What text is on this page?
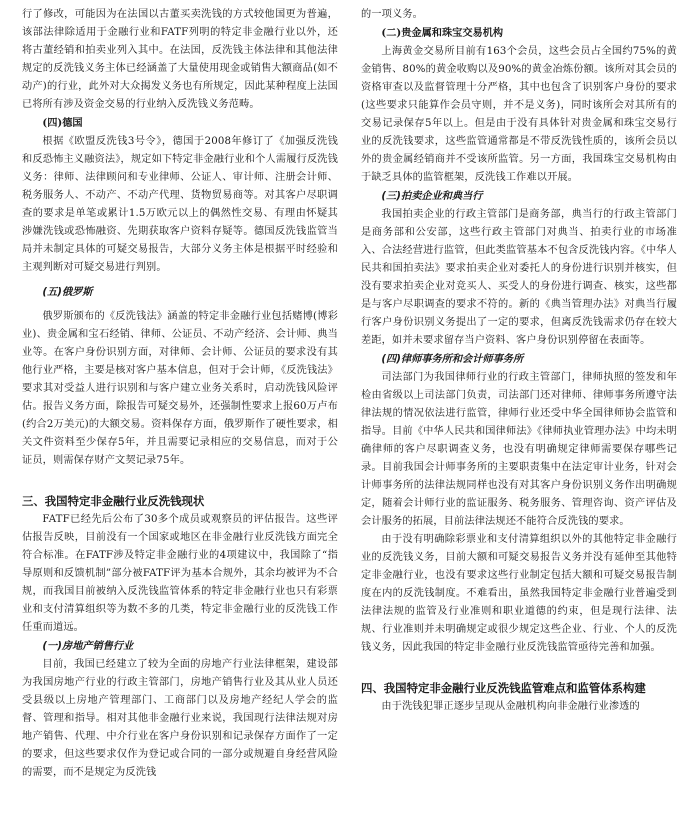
行了修改，可能因为在法国以古董买卖洗钱的方式较他国更为普遍，该部法律除适用于金融行业和FATF列明的特定非金融行业以外，还将古董经销和拍卖业列入其中。在法国，反洗钱主体法律和其他法律规定的反洗钱义务主体已经涵盖了大量使用现金或销售大额商品(如不动产)的行业，此外对大众揭发义务也有所规定，因此某种程度上法国已将所有涉及资金交易的行业纳入反洗钱义务范畴。

(四)德国

根据《欧盟反洗钱3号令》，德国于2008年修订了《加强反洗钱和反恐怖主义融资法》，规定如下特定非金融行业和个人需履行反洗钱义务：律师、法律顾问和专业律师、公证人、审计师、注册会计师、税务服务人、不动产、不动产代理、货物贸易商等。对其客户尽职调查的要求是单笔或累计1.5万欧元以上的偶然性交易、有理由怀疑其涉嫌洗钱或恐怖融资、先期获取客户资料存疑等。德国反洗钱监管当局并未制定具体的可疑交易报告，大部分义务主体是根据平时经验和主观判断对可疑交易进行判别。

(五)俄罗斯

俄罗斯颁布的《反洗钱法》涵盖的特定非金融行业包括赌博(博彩业)、贵金属和宝石经销、律师、公证员、不动产经济、会计师、典当业等。在客户身份识别方面，对律师、会计师、公证员的要求没有其他行业严格，主要是核对客户基本信息，但对于会计师，《反洗钱法》要求其对受益人进行识别和与客户建立业务关系时，启动洗钱风险评估。报告义务方面，除报告可疑交易外，还强制性要求上报60万卢布(约合2万美元)的大额交易。资料保存方面，俄罗斯作了硬性要求，相关文件资料至少保存5年，并且需要记录相应的交易信息，而对于公证员，则需保存财产文契记录75年。

三、我国特定非金融行业反洗钱现状

FATF已经先后公布了30多个成员或观察员的评估报告。这些评估报告反映，目前没有一个国家或地区在非金融行业反洗钱方面完全符合标准。在FATF涉及特定非金融行业的4项建议中，我国除了“指导原则和反馈机制”部分被FATF评为基本合规外，其余均被评为不合规，而我国目前被纳入反洗钱监管体系的特定非金融行业也只有彩票业和支付清算组织等为数不多的几类，特定非金融行业的反洗钱工作任重而道远。

(一)房地产销售行业

目前，我国已经建立了较为全面的房地产行业法律框架，建设部为我国房地产行业的行政主管部门，房地产销售行业及其从业人员还受县级以上房地产管理部门、工商部门以及房地产经纪人学会的监督、管理和指导。相对其他非金融行业来说，我国现行法律法规对房地产销售、代理、中介行业在客户身份识别和记录保存方面作了一定的要求，但这些要求仅作为登记或合同的一部分或规避自身经营风险的需要，而不是规定为反洗钱

的一项义务。

(二)贵金属和珠宝交易机构

上海黄金交易所目前有163个会员，这些会员占全国约75%的黄金销售、80%的黄金收购以及90%的黄金冶炼份额。该所对其会员的资格审查以及监督管理十分严格，其中也包含了识别客户身份的要求(这些要求只能算作会员守则，并不是义务)，同时该所会对其所有的交易记录保存5年以上。但是由于没有具体针对贵金属和珠宝交易行业的反洗钱要求，这些监管通常都是不带反洗钱性质的，该所会员以外的贵金属经销商并不受该所监管。另一方面，我国珠宝交易机构由于缺乏具体的监管框架，反洗钱工作难以开展。

(三)拍卖企业和典当行

我国拍卖企业的行政主管部门是商务部，典当行的行政主管部门是商务部和公安部，这些行政主管部门对典当、拍卖行业的市场准入、合法经营进行监管，但此类监管基本不包含反洗钱内容。《中华人民共和国拍卖法》要求拍卖企业对委托人的身份进行识别并核实，但没有要求拍卖企业对竞买人、买受人的身份进行调查、核实，这些都是与客户尽职调查的要求不符的。新的《典当管理办法》对典当行履行客户身份识别义务提出了一定的要求，但离反洗钱需求仍存在较大差距，如并未要求留存当户资料、客户身份识别停留在表面等。

(四)律师事务所和会计师事务所

司法部门为我国律师行业的行政主管部门，律师执照的签发和年检由省级以上司法部门负责，司法部门还对律师、律师事务所遵守法律法规的情况依法进行监管，律师行业还受中华全国律师协会监管和指导。目前《中华人民共和国律师法》《律师执业管理办法》中均未明确律师的客户尽职调查义务，也没有明确规定律师需要保存哪些记录。目前我国会计师事务所的主要职责集中在法定审计业务，针对会计师事务所的法律法规同样也没有对其客户身份识别义务作出明确规定，随着会计师行业的监证服务、税务服务、管理咨询、资产评估及会计服务的拓展，目前法律法规还不能符合反洗钱的要求。

由于没有明确除彩票业和支付清算组织以外的其他特定非金融行业的反洗钱义务，目前大额和可疑交易报告义务并没有延伸至其他特定非金融行业，也没有要求这些行业制定包括大额和可疑交易报告制度在内的反洗钱制度。不难看出，虽然我国特定非金融行业普遍受到法律法规的监管及行业准则和职业道德的约束，但是现行法律、法规、行业准则并未明确规定或很少规定这些企业、行业、个人的反洗钱义务，因此我国的特定非金融行业反洗钱监管亟待完善和加强。

四、我国特定非金融行业反洗钱监管难点和监管体系构建

由于洗钱犯罪正逐步呈现从金融机构向非金融行业渗透的
